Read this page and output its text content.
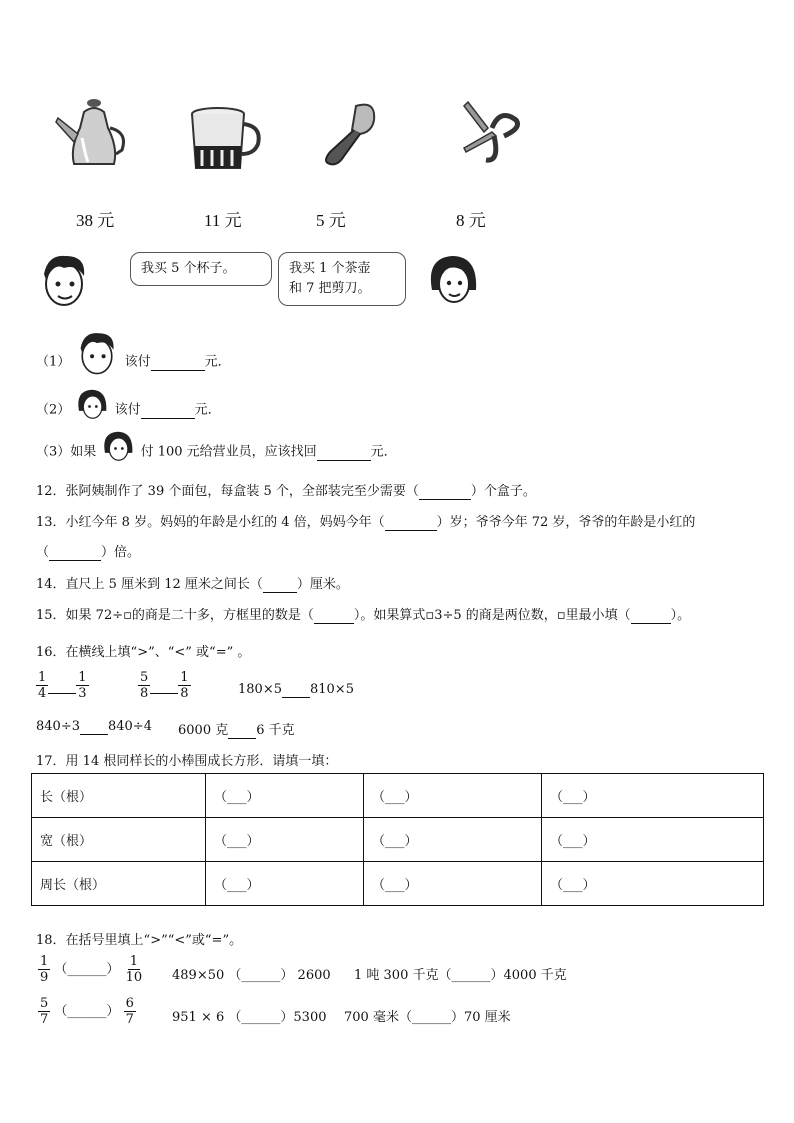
38 元	11 元	5 元	8 元
我买 5 个杯子。	我买 1 个茶壶
和 7 把剪刀。
（1）	该付	元．
（2）	该付	元．
（3）如果	付 100 元给营业员，应该找回	元．
12．张阿姨制作了 39 个面包，每盒装 5 个，全部装完至少需要（	）个盒子。
13．小红今年 8 岁。妈妈的年龄是小红的 4 倍，妈妈今年（	）岁；爷爷今年 72 岁，爷爷的年龄是小红的
（	）倍。
14．直尺上 5 厘米到 12 厘米之间长（	）厘米。
15．如果 72÷▫的商是二十多，方框里的数是（	）。如果算式▫3÷5 的商是两位数，▫里最小填（	）。
16．在横线上填“>”、“<” 或“=” 。
$\frac{1}{4}$
$\frac{1}{3}$	$\frac{5}{8}$
$\frac{1}{8}$	180×5 810×5
840÷3 840÷4 6000 克 6 千克
17．用 14 根同样长的小棒围成长方形．请填一填：
长（根）	（___）	（___）	（___）
宽（根）	（___）	（___）	（___）
周长（根）	（___）	（___）	（___）
18．在括号里填上“>”“<”或“=”。
$\frac{1}{9}$ （______） $\frac{1}{10} 489\times 50$ （______） 2600 1 吨 300 千克（______）4000 千克
$\frac{5}{7}$ （______） $\frac{6}{7}$	951 × 6 （______）5300 700 毫米（______）70 厘米
